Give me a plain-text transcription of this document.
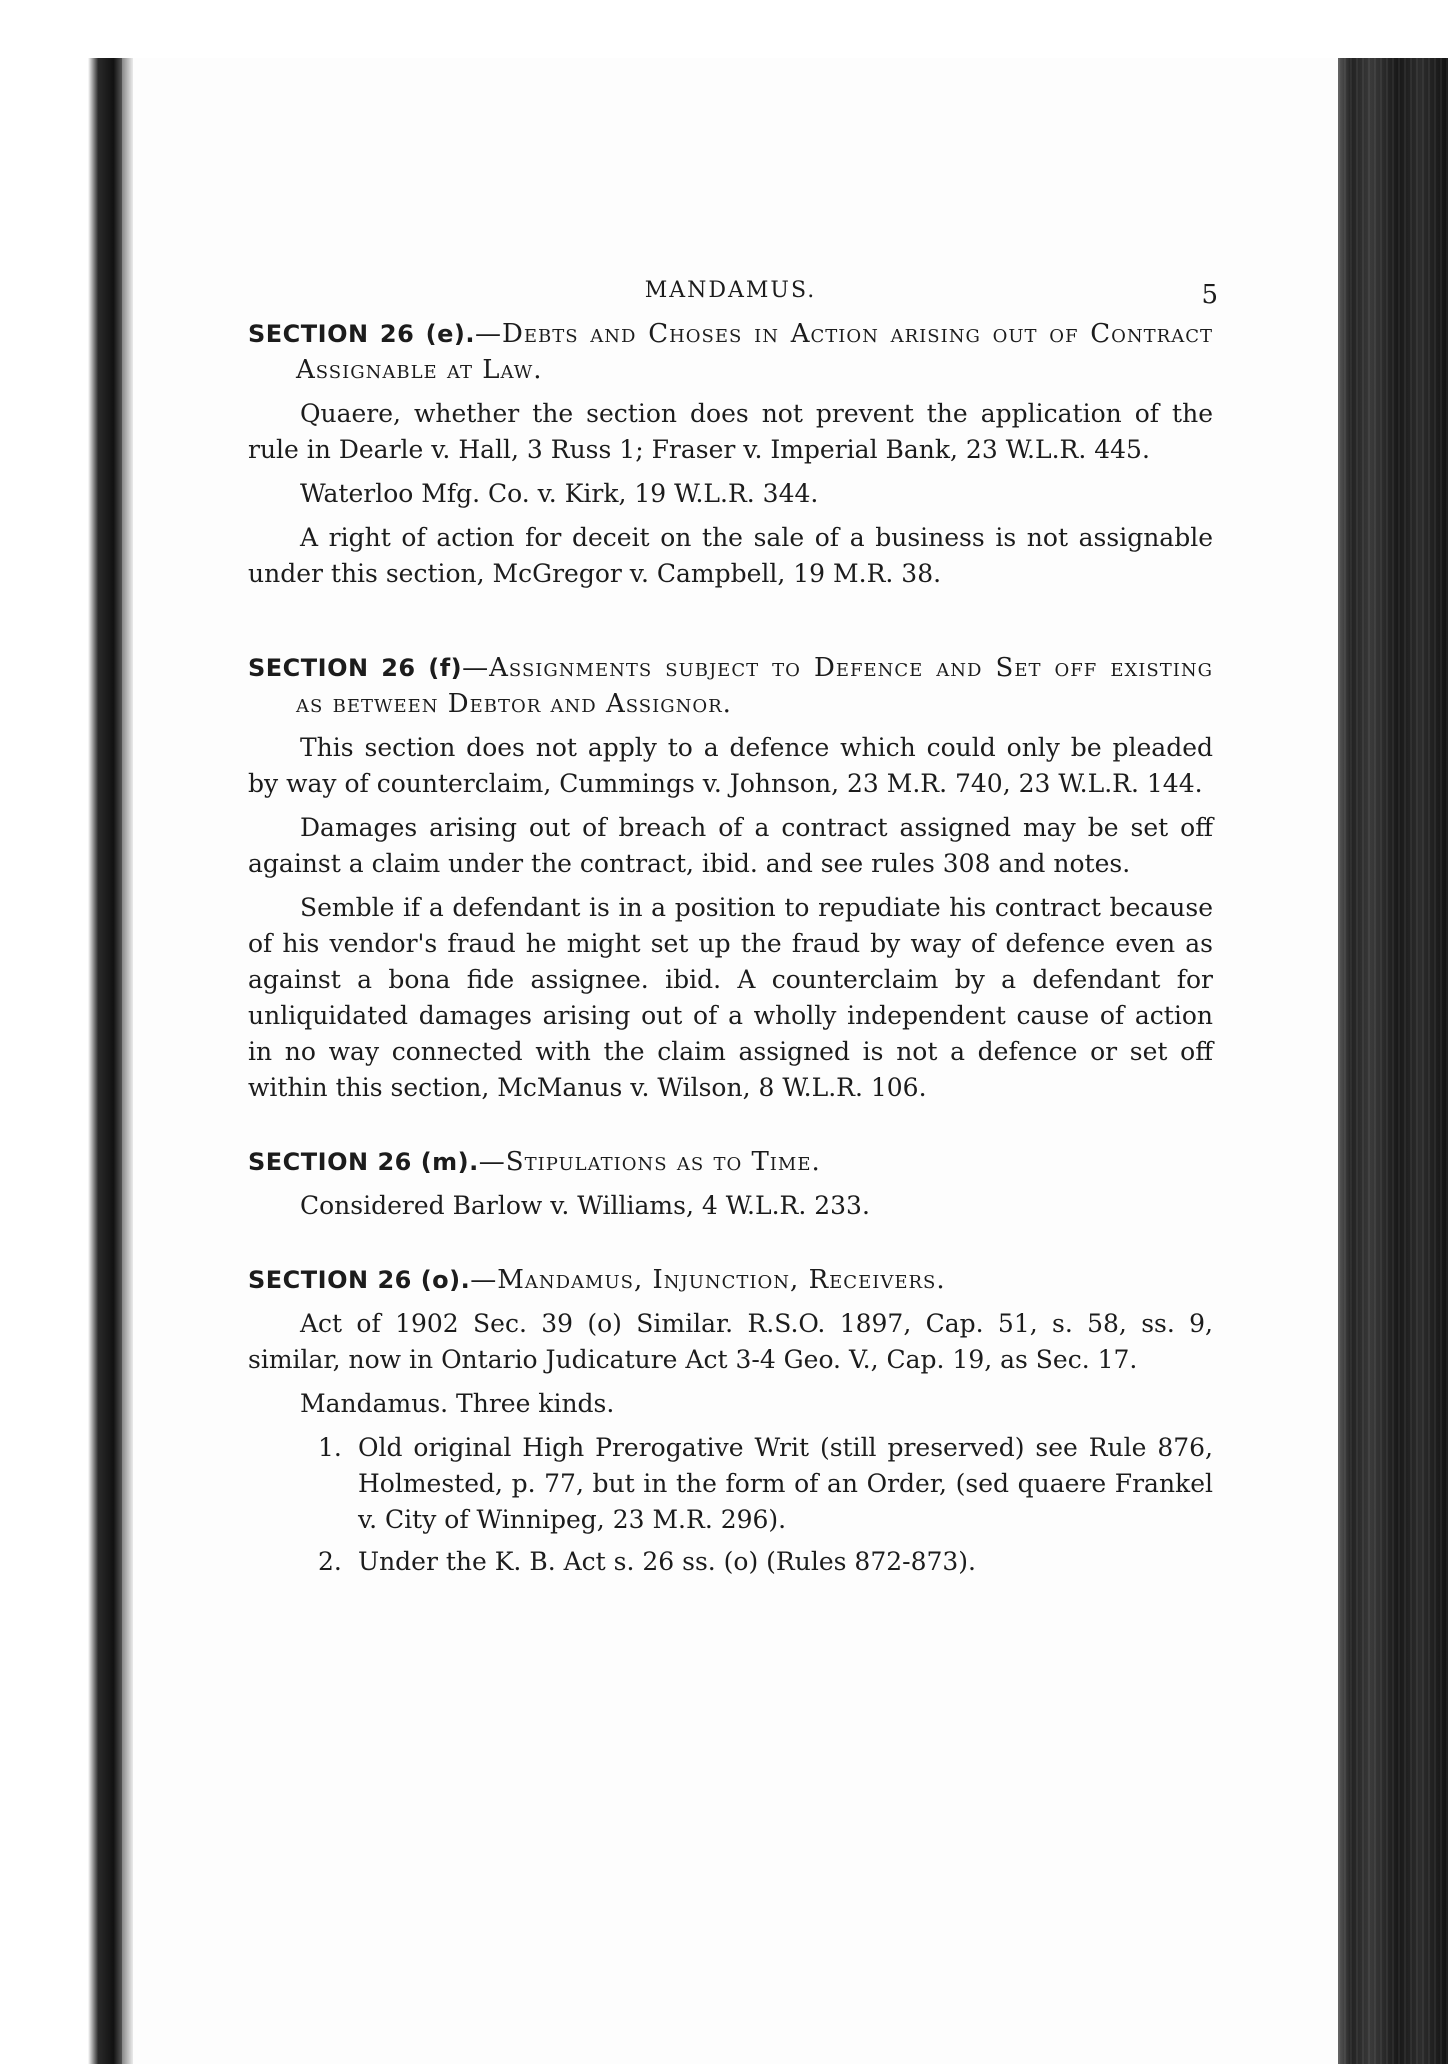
MANDAMUS.	5

SECTION 26 (e).—Debts and Choses in Action arising out of Contract Assignable at Law.

Quaere, whether the section does not prevent the application of the rule in Dearle v. Hall, 3 Russ 1; Fraser v. Imperial Bank, 23 W.L.R. 445.

Waterloo Mfg. Co. v. Kirk, 19 W.L.R. 344.

A right of action for deceit on the sale of a business is not assignable under this section, McGregor v. Campbell, 19 M.R. 38.

SECTION 26 (f)—Assignments subject to Defence and Set off existing as between Debtor and Assignor.

This section does not apply to a defence which could only be pleaded by way of counterclaim, Cummings v. Johnson, 23 M.R. 740, 23 W.L.R. 144.

Damages arising out of breach of a contract assigned may be set off against a claim under the contract, ibid. and see rules 308 and notes.

Semble if a defendant is in a position to repudiate his contract because of his vendor's fraud he might set up the fraud by way of defence even as against a bona fide assignee. ibid. A counterclaim by a defendant for unliquidated damages arising out of a wholly independent cause of action in no way connected with the claim assigned is not a defence or set off within this section, McManus v. Wilson, 8 W.L.R. 106.

SECTION 26 (m).—Stipulations as to Time.

Considered Barlow v. Williams, 4 W.L.R. 233.

SECTION 26 (o).—Mandamus, Injunction, Receivers.

Act of 1902 Sec. 39 (o) Similar. R.S.O. 1897, Cap. 51, s. 58, ss. 9, similar, now in Ontario Judicature Act 3-4 Geo. V., Cap. 19, as Sec. 17.

Mandamus. Three kinds.

1. Old original High Prerogative Writ (still preserved) see Rule 876, Holmested, p. 77, but in the form of an Order, (sed quaere Frankel v. City of Winnipeg, 23 M.R. 296).
2. Under the K. B. Act s. 26 ss. (o) (Rules 872-873).
